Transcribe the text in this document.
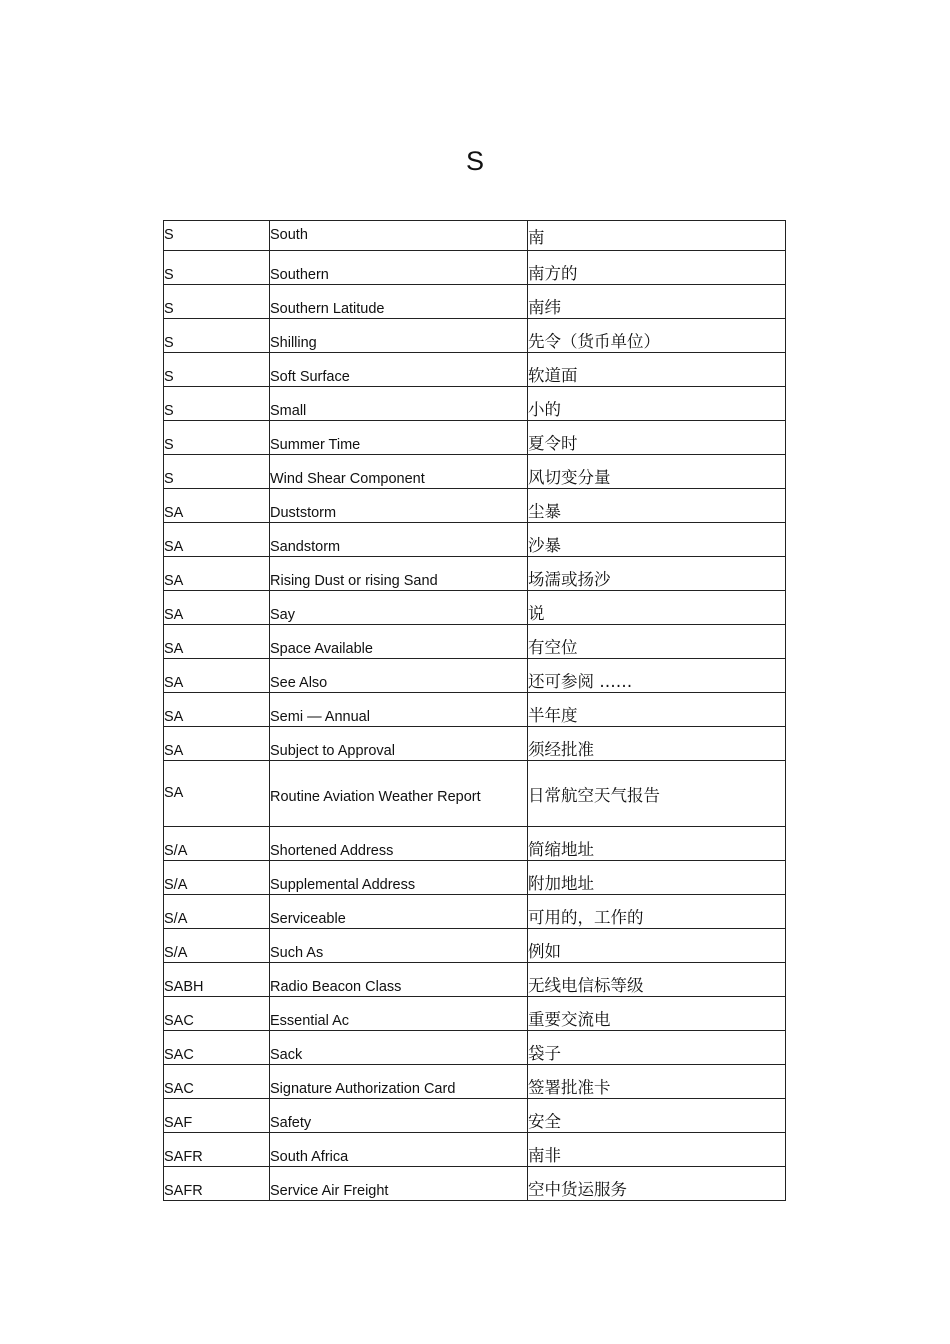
S
S	South	南

S	Southern	南方的

S	Southern Latitude	南纬

S	Shilling	先令（货币单位）

S	Soft Surface	软道面

S	Small	小的

S	Summer Time	夏令时

S	Wind Shear Component	风切变分量

SA	Duststorm	尘暴

SA	Sandstorm	沙暴

SA	Rising Dust or rising Sand	场濡或扬沙

SA	Say	说

SA	Space Available	有空位

SA	See Also	还可参阅 ……

SA	Semi — Annual	半年度

SA	Subject to Approval	须经批准

SA	Routine Aviation Weather Report	日常航空天气报告

S/A	Shortened Address	简缩地址

S/A	Supplemental Address	附加地址

S/A	Serviceable	可用的，工作的

S/A	Such As	例如

SABH	Radio Beacon Class	无线电信标等级

SAC	Essential Ac	重要交流电

SAC	Sack	袋子

SAC	Signature Authorization Card	签署批准卡

SAF	Safety	安全

SAFR	South Africa	南非

SAFR	Service Air Freight	空中货运服务
